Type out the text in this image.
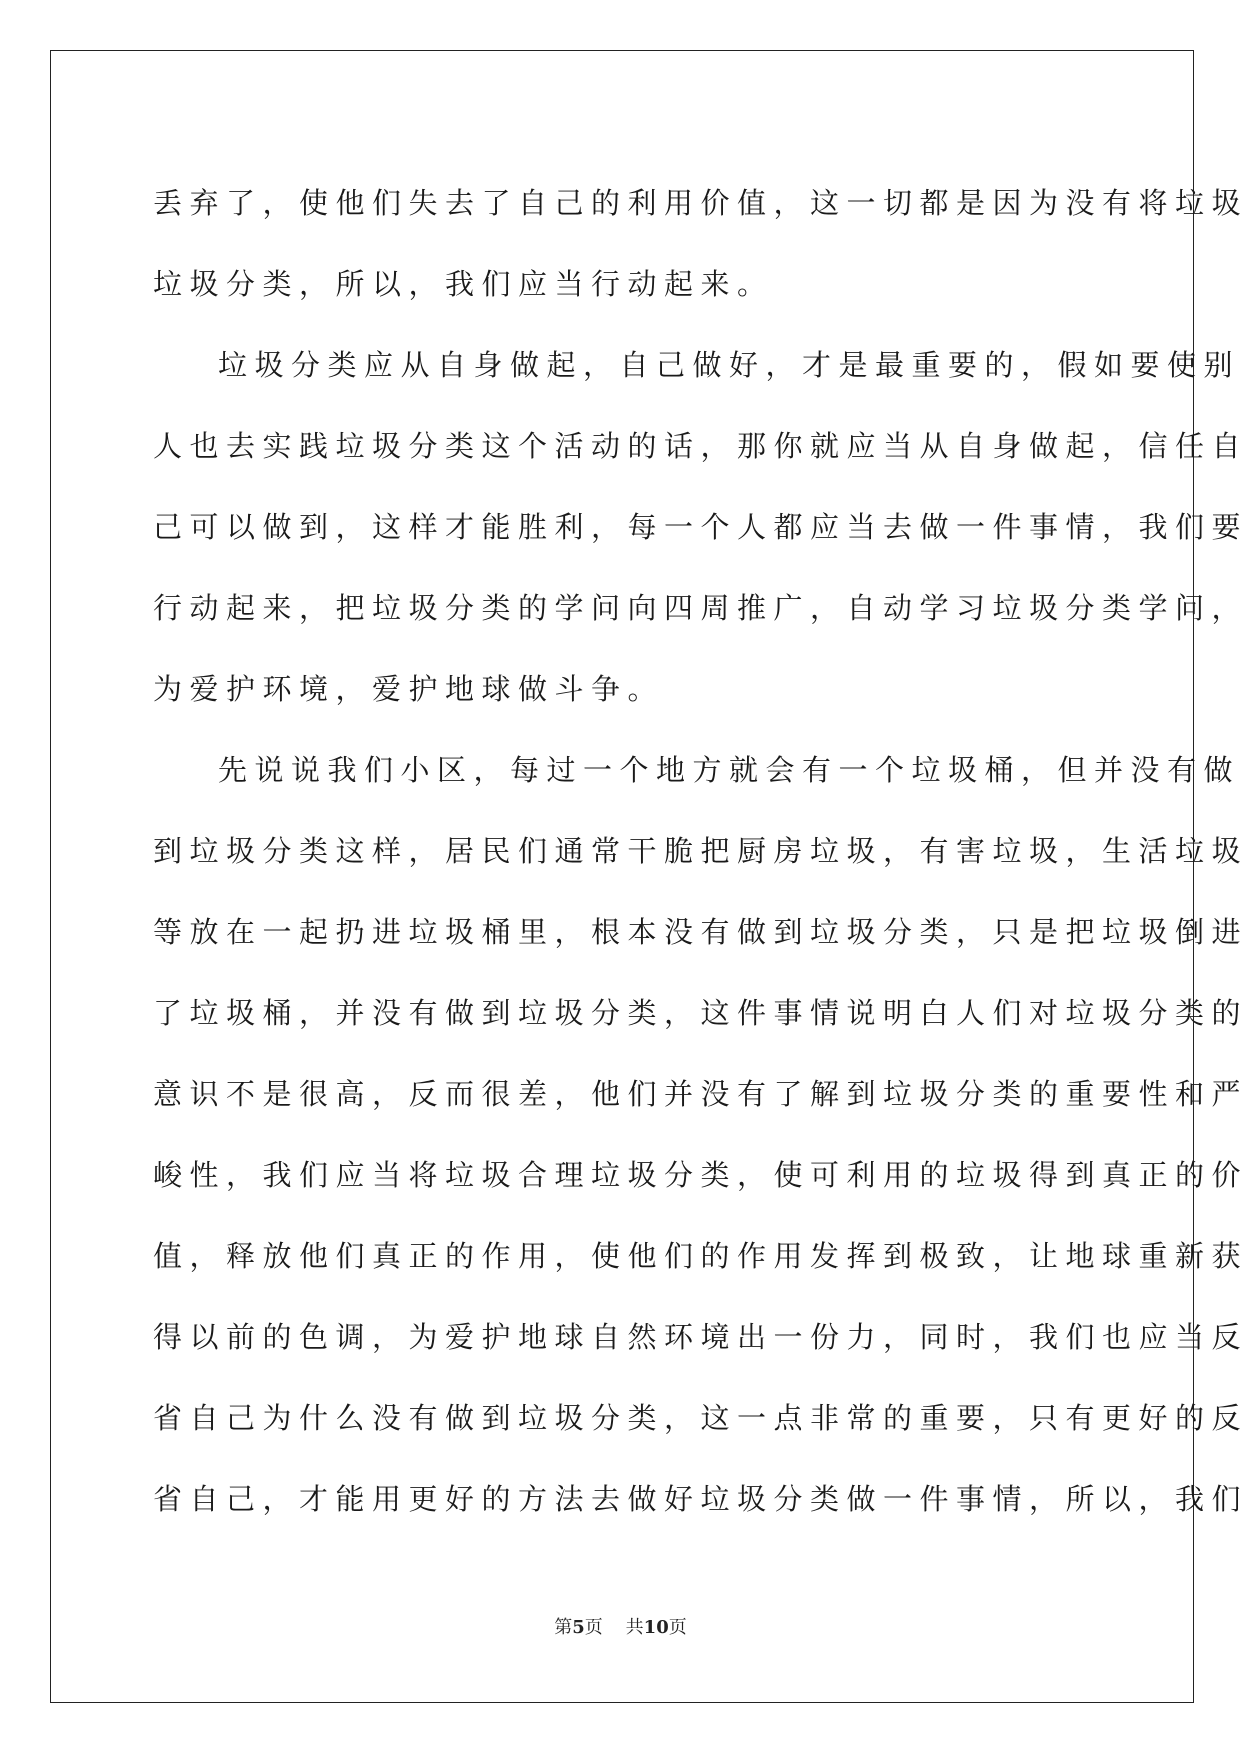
丢弃了，使他们失去了自己的利用价值，这一切都是因为没有将垃圾
垃圾分类，所以，我们应当行动起来。
垃圾分类应从自身做起，自己做好，才是最重要的，假如要使别
人也去实践垃圾分类这个活动的话，那你就应当从自身做起，信任自
己可以做到，这样才能胜利，每一个人都应当去做一件事情，我们要
行动起来，把垃圾分类的学问向四周推广，自动学习垃圾分类学问，
为爱护环境，爱护地球做斗争。
先说说我们小区，每过一个地方就会有一个垃圾桶，但并没有做
到垃圾分类这样，居民们通常干脆把厨房垃圾，有害垃圾，生活垃圾
等放在一起扔进垃圾桶里，根本没有做到垃圾分类，只是把垃圾倒进
了垃圾桶，并没有做到垃圾分类，这件事情说明白人们对垃圾分类的
意识不是很高，反而很差，他们并没有了解到垃圾分类的重要性和严
峻性，我们应当将垃圾合理垃圾分类，使可利用的垃圾得到真正的价
值，释放他们真正的作用，使他们的作用发挥到极致，让地球重新获
得以前的色调，为爱护地球自然环境出一份力，同时，我们也应当反
省自己为什么没有做到垃圾分类，这一点非常的重要，只有更好的反
省自己，才能用更好的方法去做好垃圾分类做一件事情，所以，我们
第5页 共10页
